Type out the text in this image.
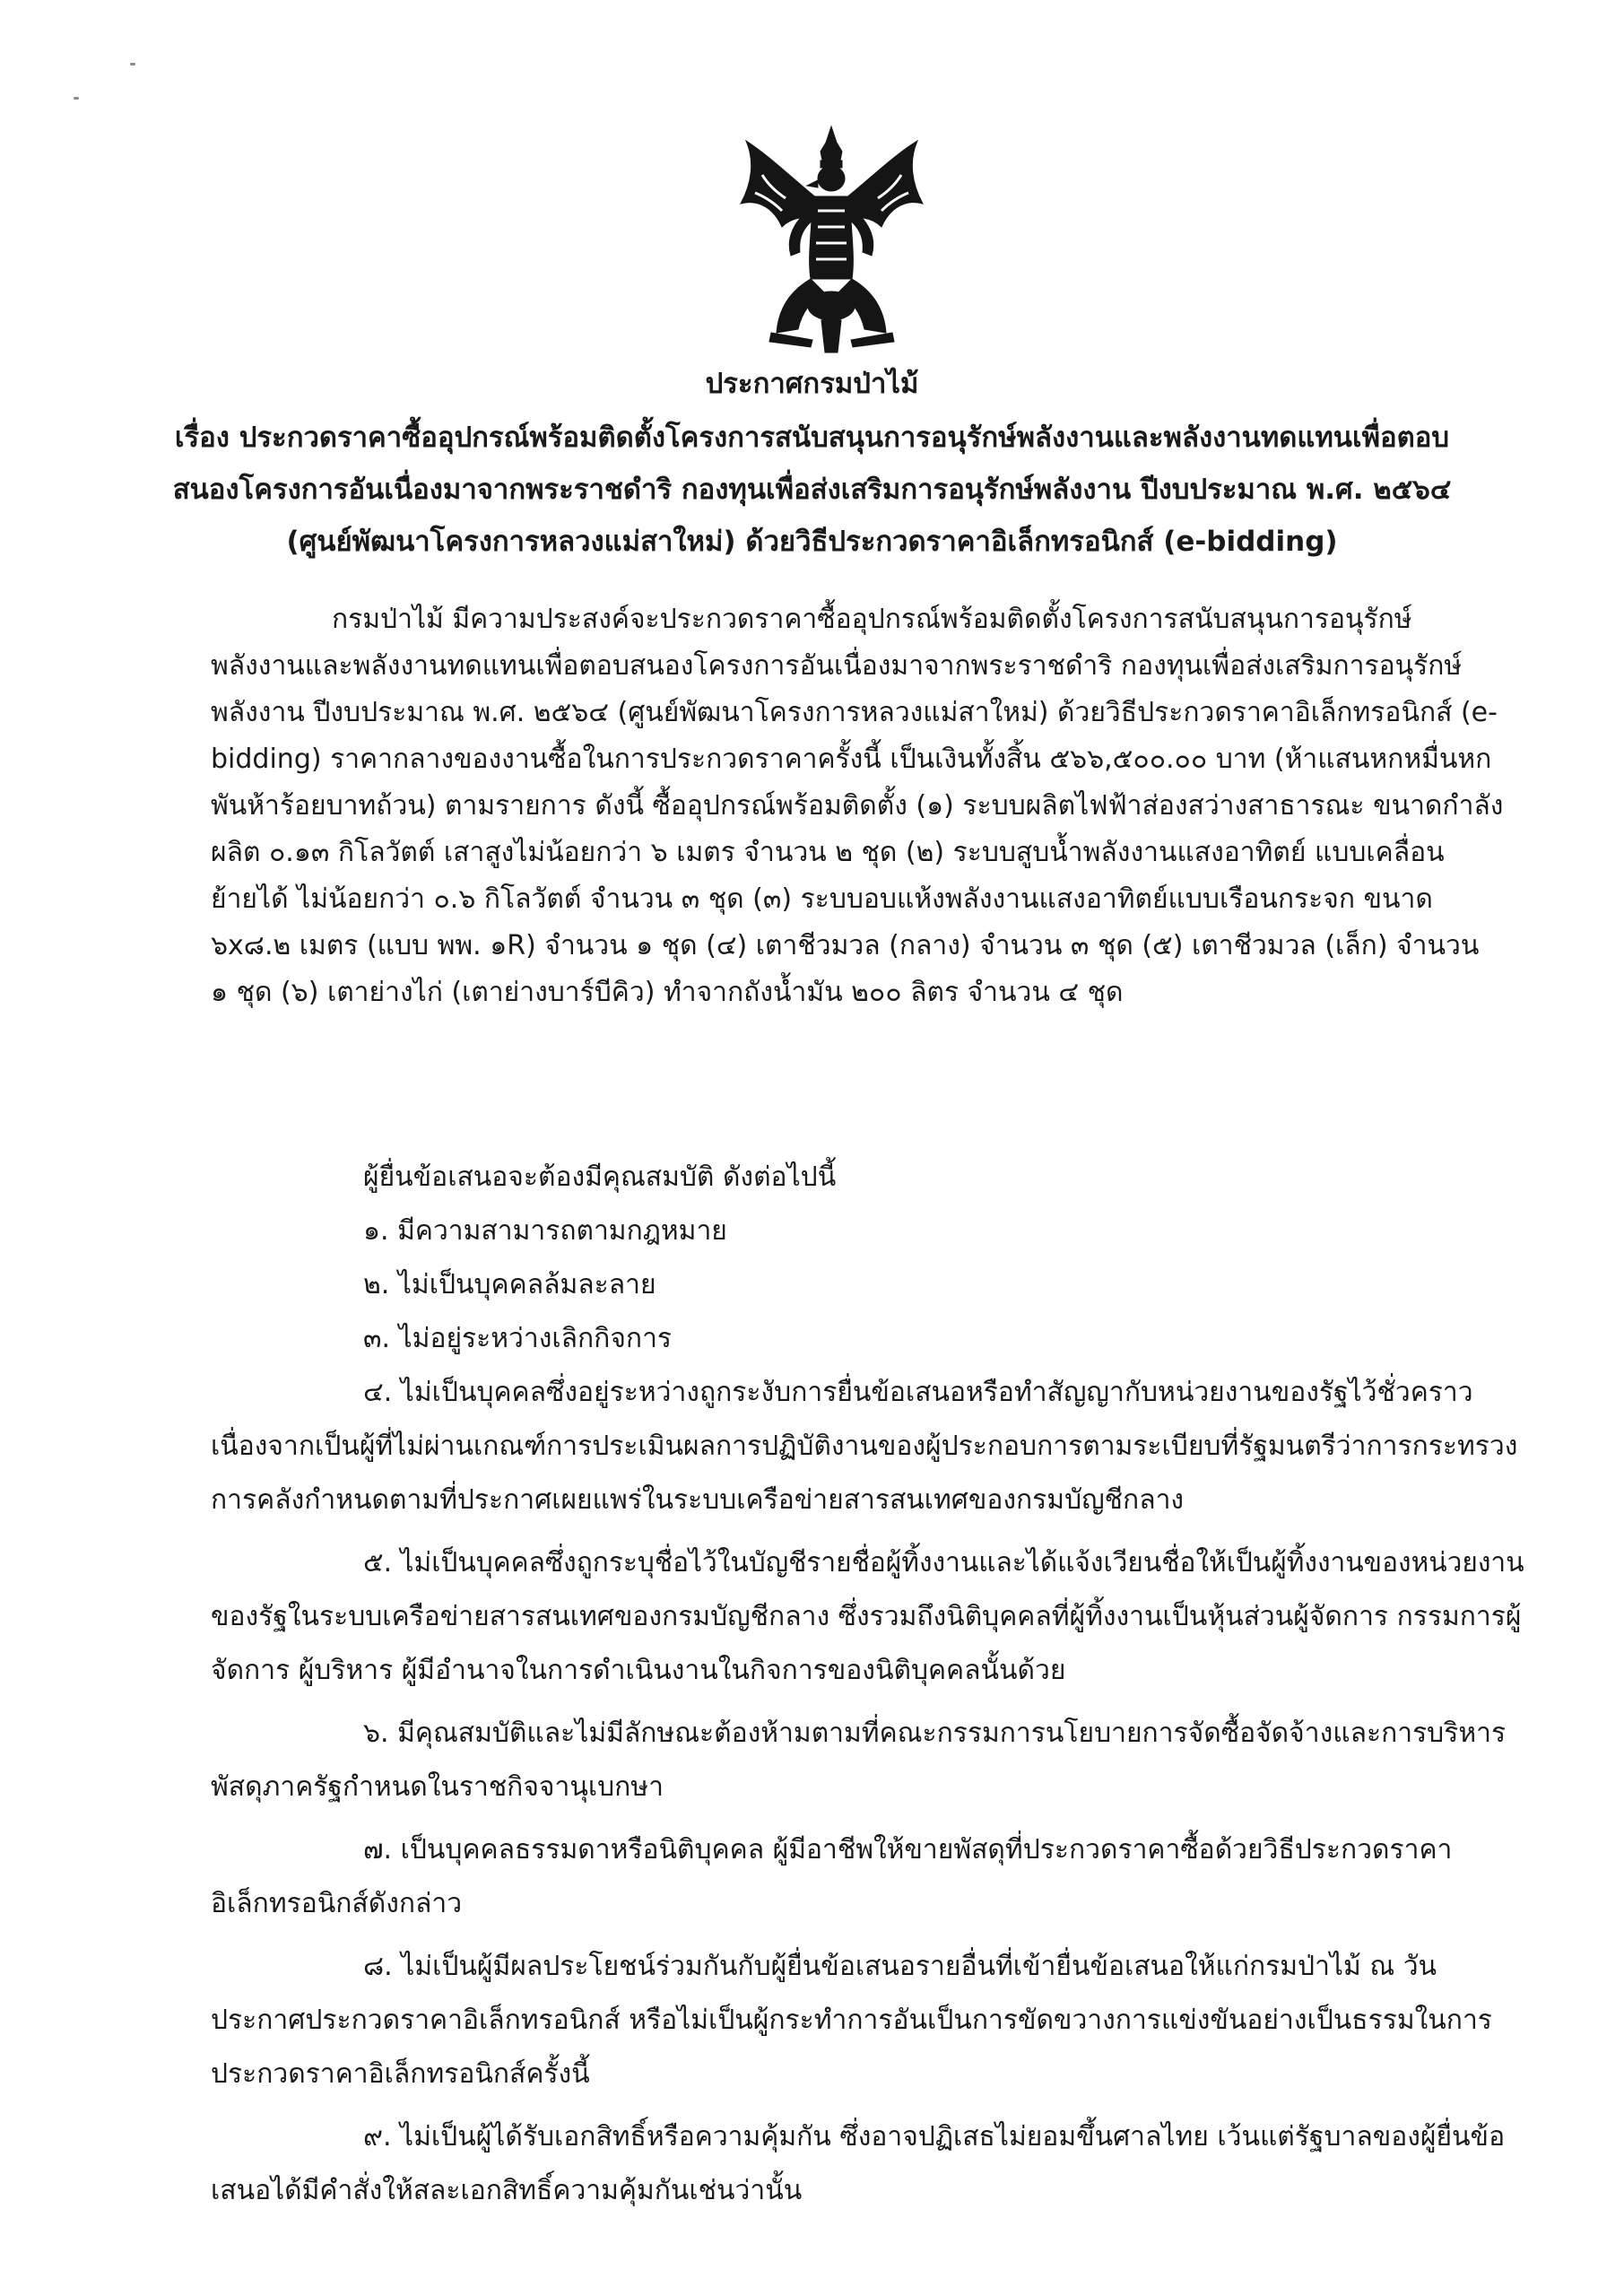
ประกาศกรมป่าไม้
เรื่อง ประกวดราคาซื้ออุปกรณ์พร้อมติดตั้งโครงการสนับสนุนการอนุรักษ์พลังงานและพลังงานทดแทนเพื่อตอบ
สนองโครงการอันเนื่องมาจากพระราชดำริ กองทุนเพื่อส่งเสริมการอนุรักษ์พลังงาน ปีงบประมาณ พ.ศ. ๒๕๖๔
(ศูนย์พัฒนาโครงการหลวงแม่สาใหม่) ด้วยวิธีประกวดราคาอิเล็กทรอนิกส์ (e-bidding)
กรมป่าไม้ มีความประสงค์จะประกวดราคาซื้ออุปกรณ์พร้อมติดตั้งโครงการสนับสนุนการอนุรักษ์
พลังงานและพลังงานทดแทนเพื่อตอบสนองโครงการอันเนื่องมาจากพระราชดำริ กองทุนเพื่อส่งเสริมการอนุรักษ์
พลังงาน ปีงบประมาณ พ.ศ. ๒๕๖๔ (ศูนย์พัฒนาโครงการหลวงแม่สาใหม่) ด้วยวิธีประกวดราคาอิเล็กทรอนิกส์ (e-
bidding) ราคากลางของงานซื้อในการประกวดราคาครั้งนี้ เป็นเงินทั้งสิ้น ๕๖๖,๕๐๐.๐๐ บาท (ห้าแสนหกหมื่นหก
พันห้าร้อยบาทถ้วน) ตามรายการ ดังนี้ ซื้ออุปกรณ์พร้อมติดตั้ง (๑) ระบบผลิตไฟฟ้าส่องสว่างสาธารณะ ขนาดกำลัง
ผลิต ๐.๑๓ กิโลวัตต์ เสาสูงไม่น้อยกว่า ๖ เมตร จำนวน ๒ ชุด (๒) ระบบสูบน้ำพลังงานแสงอาทิตย์ แบบเคลื่อน
ย้ายได้ ไม่น้อยกว่า ๐.๖ กิโลวัตต์ จำนวน ๓ ชุด (๓) ระบบอบแห้งพลังงานแสงอาทิตย์แบบเรือนกระจก ขนาด
๖x๘.๒ เมตร (แบบ พพ. ๑R) จำนวน ๑ ชุด (๔) เตาชีวมวล (กลาง) จำนวน ๓ ชุด (๕) เตาชีวมวล (เล็ก) จำนวน
๑ ชุด (๖) เตาย่างไก่ (เตาย่างบาร์บีคิว) ทำจากถังน้ำมัน ๒๐๐ ลิตร จำนวน ๔ ชุด
ผู้ยื่นข้อเสนอจะต้องมีคุณสมบัติ ดังต่อไปนี้
๑. มีความสามารถตามกฎหมาย
๒. ไม่เป็นบุคคลล้มละลาย
๓. ไม่อยู่ระหว่างเลิกกิจการ
๔. ไม่เป็นบุคคลซึ่งอยู่ระหว่างถูกระงับการยื่นข้อเสนอหรือทำสัญญากับหน่วยงานของรัฐไว้ชั่วคราว
เนื่องจากเป็นผู้ที่ไม่ผ่านเกณฑ์การประเมินผลการปฏิบัติงานของผู้ประกอบการตามระเบียบที่รัฐมนตรีว่าการกระทรวง
การคลังกำหนดตามที่ประกาศเผยแพร่ในระบบเครือข่ายสารสนเทศของกรมบัญชีกลาง
๕. ไม่เป็นบุคคลซึ่งถูกระบุชื่อไว้ในบัญชีรายชื่อผู้ทิ้งงานและได้แจ้งเวียนชื่อให้เป็นผู้ทิ้งงานของหน่วยงาน
ของรัฐในระบบเครือข่ายสารสนเทศของกรมบัญชีกลาง ซึ่งรวมถึงนิติบุคคลที่ผู้ทิ้งงานเป็นหุ้นส่วนผู้จัดการ กรรมการผู้
จัดการ ผู้บริหาร ผู้มีอำนาจในการดำเนินงานในกิจการของนิติบุคคลนั้นด้วย
๖. มีคุณสมบัติและไม่มีลักษณะต้องห้ามตามที่คณะกรรมการนโยบายการจัดซื้อจัดจ้างและการบริหาร
พัสดุภาครัฐกำหนดในราชกิจจานุเบกษา
๗. เป็นบุคคลธรรมดาหรือนิติบุคคล ผู้มีอาชีพให้ขายพัสดุที่ประกวดราคาซื้อด้วยวิธีประกวดราคา
อิเล็กทรอนิกส์ดังกล่าว
๘. ไม่เป็นผู้มีผลประโยชน์ร่วมกันกับผู้ยื่นข้อเสนอรายอื่นที่เข้ายื่นข้อเสนอให้แก่กรมป่าไม้ ณ วัน
ประกาศประกวดราคาอิเล็กทรอนิกส์ หรือไม่เป็นผู้กระทำการอันเป็นการขัดขวางการแข่งขันอย่างเป็นธรรมในการ
ประกวดราคาอิเล็กทรอนิกส์ครั้งนี้
๙. ไม่เป็นผู้ได้รับเอกสิทธิ์หรือความคุ้มกัน ซึ่งอาจปฏิเสธไม่ยอมขึ้นศาลไทย เว้นแต่รัฐบาลของผู้ยื่นข้อ
เสนอได้มีคำสั่งให้สละเอกสิทธิ์ความคุ้มกันเช่นว่านั้น
